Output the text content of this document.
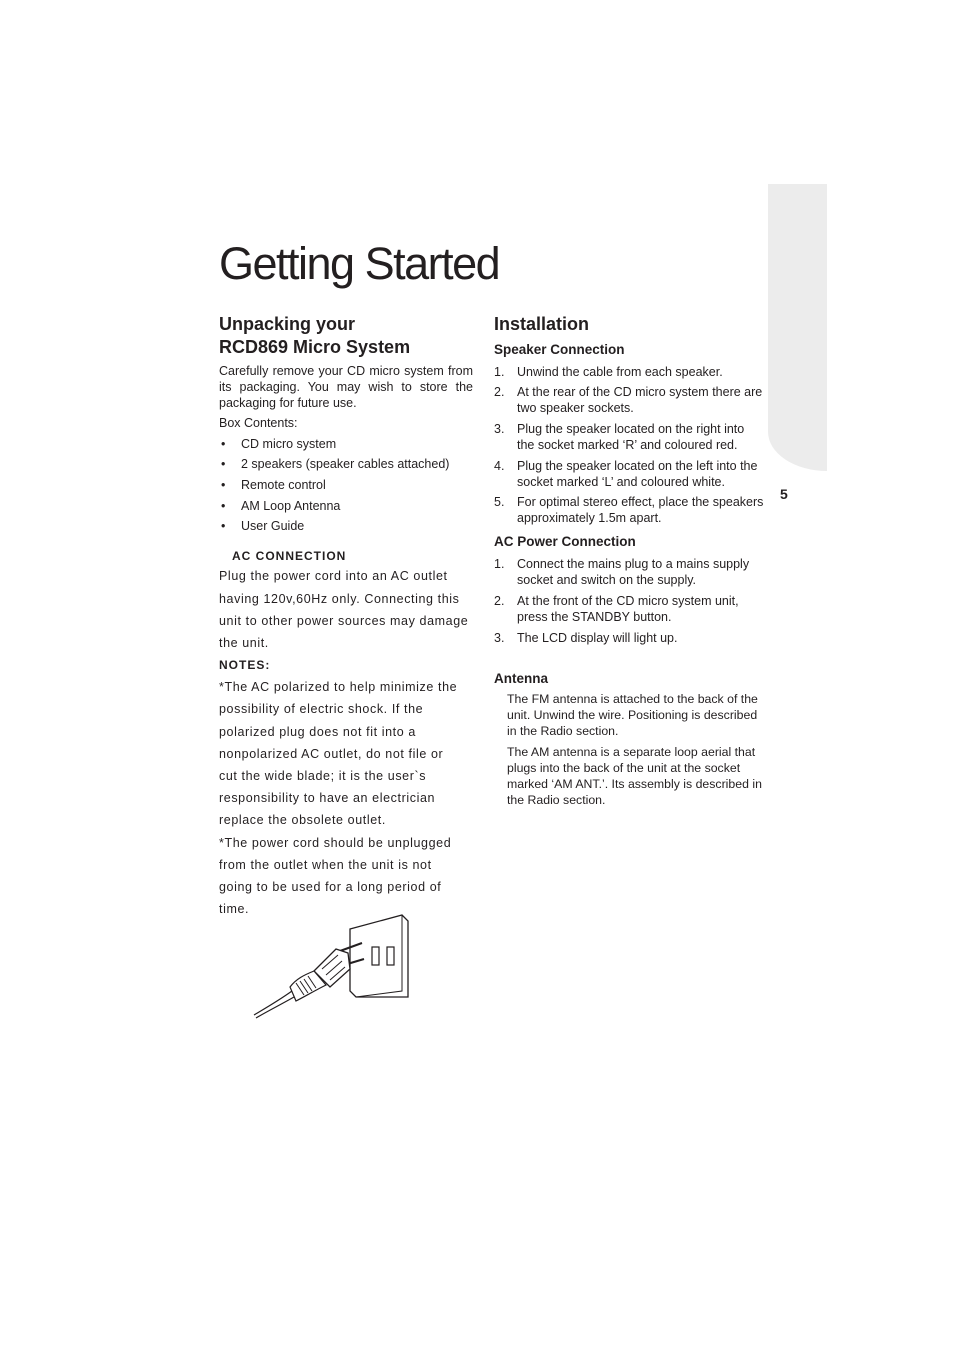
5
Getting Started
Unpacking your
RCD869 Micro System

Carefully remove your CD micro system from its packaging. You may wish to store the packaging for future use.

Box Contents:

• CD micro system
• 2 speakers (speaker cables attached)
• Remote control
• AM Loop Antenna
• User Guide
AC CONNECTION
Plug the power cord into an AC outlet
having 120v,60Hz only. Connecting this
unit to other power sources may damage
the unit.
NOTES:
*The AC polarized to help minimize the
possibility of electric shock. If the
polarized plug does not fit into a
nonpolarized AC outlet, do not file or
cut the wide blade; it is the user`s
responsibility to have an electrician
replace the obsolete outlet.
*The power cord should be unplugged
from the outlet when the unit is not
going to be used for a long period of time.
Installation
Speaker Connection
1. Unwind the cable from each speaker.
2. At the rear of the CD micro system there are two speaker sockets.
3. Plug the speaker located on the right into the socket marked ‘R’ and coloured red.
4. Plug the speaker located on the left into the socket marked ‘L’ and coloured white.
5. For optimal stereo effect, place the speakers approximately 1.5m apart.
AC Power Connection
1. Connect the mains plug to a mains supply socket and switch on the supply.
2. At the front of the CD micro system unit, press the STANDBY button.
3. The LCD display will light up.
Antenna

The FM antenna is attached to the back of the unit. Unwind the wire. Positioning is described in the Radio section.

The AM antenna is a separate loop aerial that plugs into the back of the unit at the socket marked ‘AM ANT.’. Its assembly is described in the Radio section.
